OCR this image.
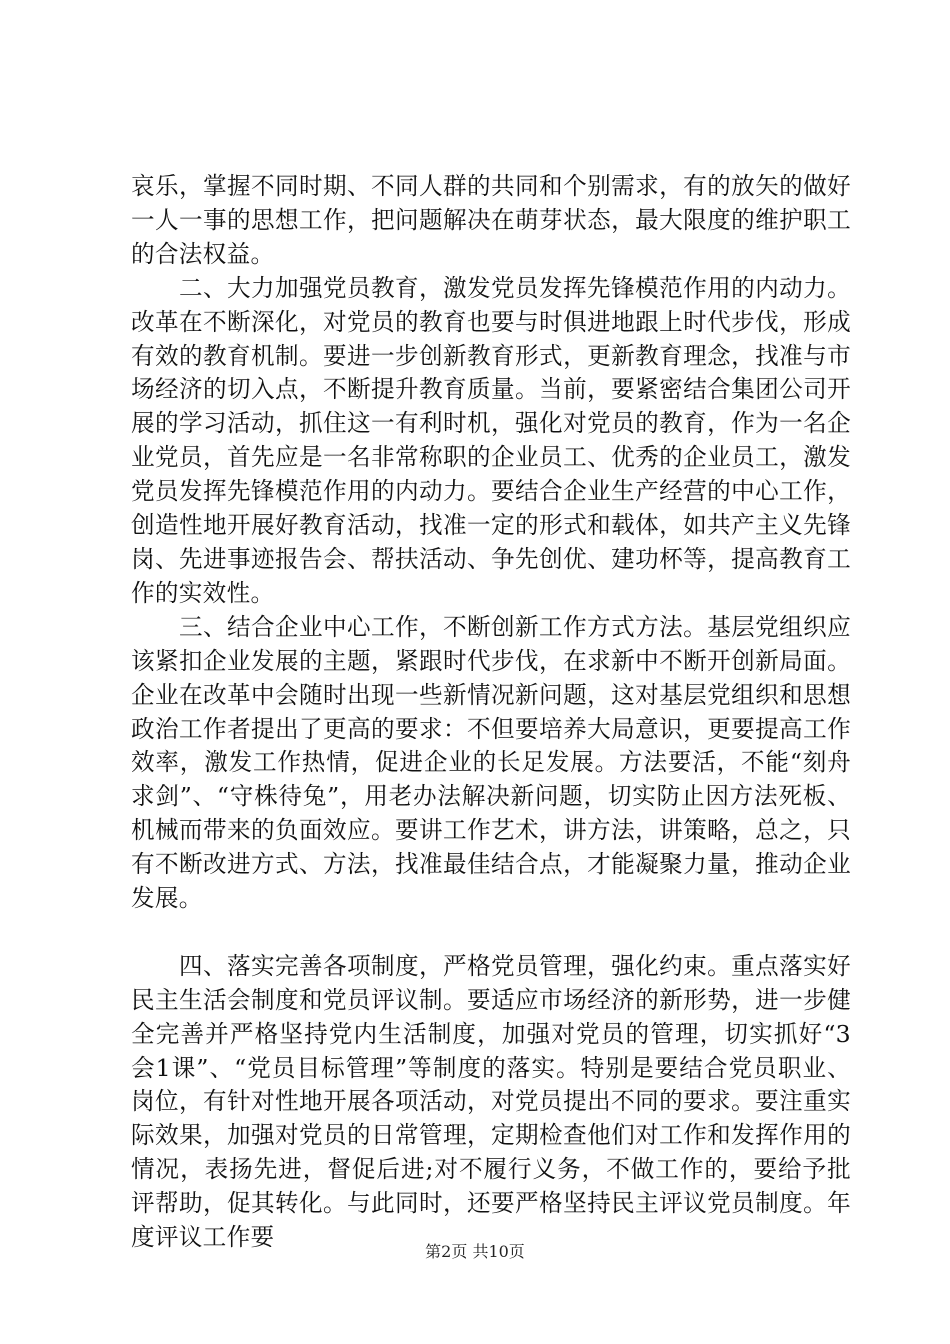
哀乐，掌握不同时期、不同人群的共同和个别需求，有的放矢的做好一人一事的思想工作，把问题解决在萌芽状态，最大限度的维护职工的合法权益。

二、大力加强党员教育，激发党员发挥先锋模范作用的内动力。改革在不断深化，对党员的教育也要与时俱进地跟上时代步伐，形成有效的教育机制。要进一步创新教育形式，更新教育理念，找准与市场经济的切入点，不断提升教育质量。当前，要紧密结合集团公司开展的学习活动，抓住这一有利时机，强化对党员的教育，作为一名企业党员，首先应是一名非常称职的企业员工、优秀的企业员工，激发党员发挥先锋模范作用的内动力。要结合企业生产经营的中心工作，创造性地开展好教育活动，找准一定的形式和载体，如共产主义先锋岗、先进事迹报告会、帮扶活动、争先创优、建功杯等，提高教育工作的实效性。

三、结合企业中心工作，不断创新工作方式方法。基层党组织应该紧扣企业发展的主题，紧跟时代步伐，在求新中不断开创新局面。企业在改革中会随时出现一些新情况新问题，这对基层党组织和思想政治工作者提出了更高的要求：不但要培养大局意识，更要提高工作效率，激发工作热情，促进企业的长足发展。方法要活，不能“刻舟求剑”、“守株待兔”，用老办法解决新问题，切实防止因方法死板、机械而带来的负面效应。要讲工作艺术，讲方法，讲策略，总之，只有不断改进方式、方法，找准最佳结合点，才能凝聚力量，推动企业发展。

四、落实完善各项制度，严格党员管理，强化约束。重点落实好民主生活会制度和党员评议制。要适应市场经济的新形势，进一步健全完善并严格坚持党内生活制度，加强对党员的管理，切实抓好“3会1课”、“党员目标管理”等制度的落实。特别是要结合党员职业、岗位，有针对性地开展各项活动，对党员提出不同的要求。要注重实际效果，加强对党员的日常管理，定期检查他们对工作和发挥作用的情况，表扬先进，督促后进;对不履行义务，不做工作的，要给予批评帮助，促其转化。与此同时，还要严格坚持民主评议党员制度。年度评议工作要

第2页 共10页
